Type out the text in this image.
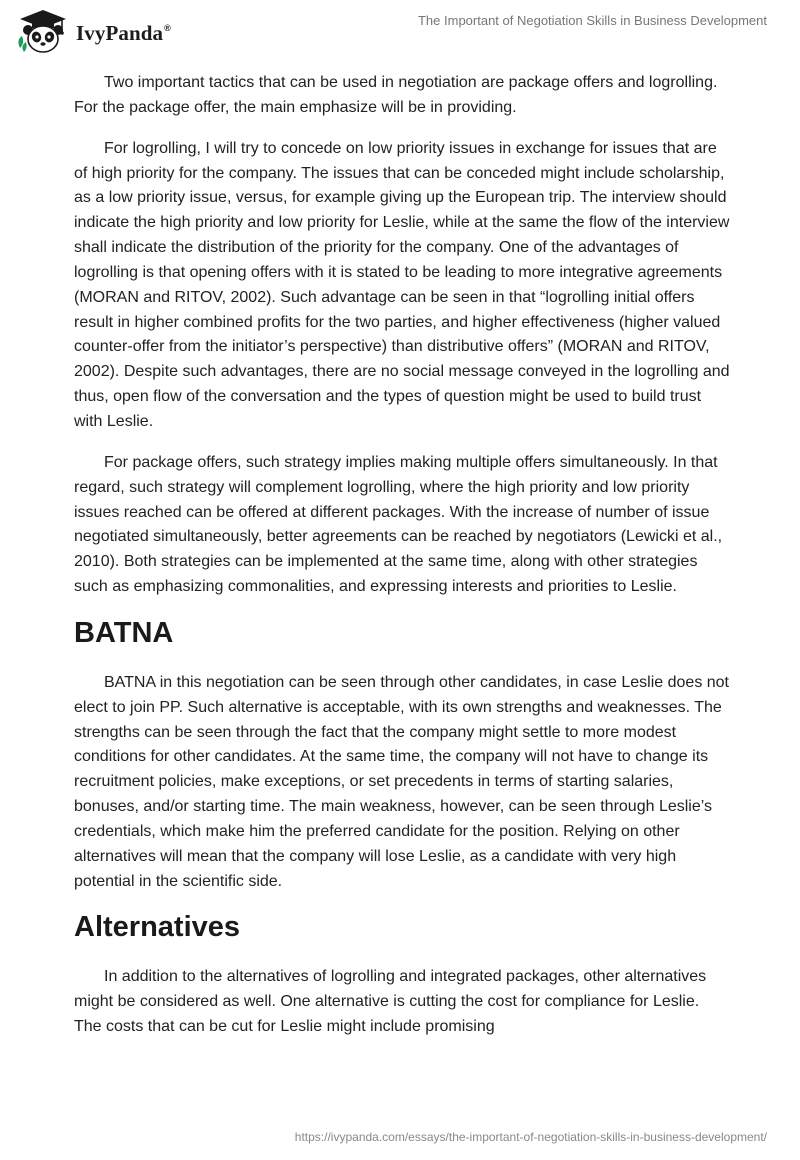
IvyPanda®	The Important of Negotiation Skills in Business Development

Two important tactics that can be used in negotiation are package offers and logrolling. For the package offer, the main emphasize will be in providing.

For logrolling, I will try to concede on low priority issues in exchange for issues that are of high priority for the company. The issues that can be conceded might include scholarship, as a low priority issue, versus, for example giving up the European trip. The interview should indicate the high priority and low priority for Leslie, while at the same the flow of the interview shall indicate the distribution of the priority for the company. One of the advantages of logrolling is that opening offers with it is stated to be leading to more integrative agreements (MORAN and RITOV, 2002). Such advantage can be seen in that “logrolling initial offers result in higher combined profits for the two parties, and higher effectiveness (higher valued counter-offer from the initiator’s perspective) than distributive offers” (MORAN and RITOV, 2002). Despite such advantages, there are no social message conveyed in the logrolling and thus, open flow of the conversation and the types of question might be used to build trust with Leslie.

For package offers, such strategy implies making multiple offers simultaneously. In that regard, such strategy will complement logrolling, where the high priority and low priority issues reached can be offered at different packages. With the increase of number of issue negotiated simultaneously, better agreements can be reached by negotiators (Lewicki et al., 2010). Both strategies can be implemented at the same time, along with other strategies such as emphasizing commonalities, and expressing interests and priorities to Leslie.

BATNA

BATNA in this negotiation can be seen through other candidates, in case Leslie does not elect to join PP. Such alternative is acceptable, with its own strengths and weaknesses. The strengths can be seen through the fact that the company might settle to more modest conditions for other candidates. At the same time, the company will not have to change its recruitment policies, make exceptions, or set precedents in terms of starting salaries, bonuses, and/or starting time. The main weakness, however, can be seen through Leslie’s credentials, which make him the preferred candidate for the position. Relying on other alternatives will mean that the company will lose Leslie, as a candidate with very high potential in the scientific side.

Alternatives

In addition to the alternatives of logrolling and integrated packages, other alternatives might be considered as well. One alternative is cutting the cost for compliance for Leslie. The costs that can be cut for Leslie might include promising

https://ivypanda.com/essays/the-important-of-negotiation-skills-in-business-development/
